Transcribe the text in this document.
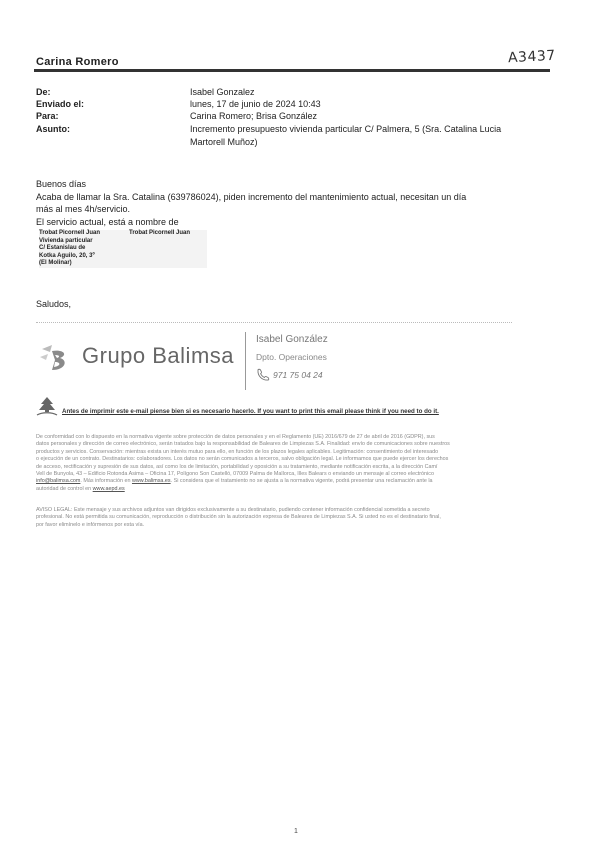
Carina Romero	A3437
De:	Isabel Gonzalez
Enviado el:	lunes, 17 de junio de 2024 10:43
Para:	Carina Romero; Brisa González
Asunto:	Incremento presupuesto vivienda particular C/ Palmera, 5 (Sra. Catalina Lucia
Martorell Muñoz)
Buenos días
Acaba de llamar la Sra. Catalina (639786024), piden incremento del mantenimiento actual, necesitan un día
más al mes 4h/servicio.
El servicio actual, está a nombre de
Trobat Picornell Juan
Vivienda particular
C/ Estanislau de
Kotka Aguilo, 20, 3º
(El Molinar)
Trobat Picornell Juan
Saludos,
Grupo Balimsa
Isabel González
Dpto. Operaciones
971 75 04 24
Antes de imprimir este e-mail piense bien si es necesario hacerlo. If you want to print this email please think if you need to do it.
De conformidad con lo dispuesto en la normativa vigente sobre protección de datos personales y en el Reglamento (UE) 2016/679 de 27 de abril de 2016 (GDPR), sus
datos personales y dirección de correo electrónico, serán tratados bajo la responsabilidad de Baleares de Limpiezas S.A. Finalidad: envío de comunicaciones sobre nuestros
productos y servicios. Conservación: mientras exista un interés mutuo para ello, en función de los plazos legales aplicables. Legitimación: consentimiento del interesado
o ejecución de un contrato. Destinatarios: colaboradores. Los datos no serán comunicados a terceros, salvo obligación legal. Le informamos que puede ejercer los derechos
de acceso, rectificación y supresión de sus datos, así como los de limitación, portabilidad y oposición a su tratamiento, mediante notificación escrita, a la dirección Camí
Vell de Bunyola, 43 – Edificio Rotonda Asima – Oficina 17, Polígono Son Castelló, 07009 Palma de Mallorca, Illes Balears o enviando un mensaje al correo electrónico
info@balimsa.com. Más información en www.balimsa.es. Si considera que el tratamiento no se ajusta a la normativa vigente, podrá presentar una reclamación ante la
autoridad de control en www.aepd.es
AVISO LEGAL: Este mensaje y sus archivos adjuntos van dirigidos exclusivamente a su destinatario, pudiendo contener información confidencial sometida a secreto
profesional. No está permitida su comunicación, reproducción o distribución sin la autorización expresa de Baleares de Limpiezas S.A. Si usted no es el destinatario final,
por favor elimínelo e infórmenos por esta vía.
1
